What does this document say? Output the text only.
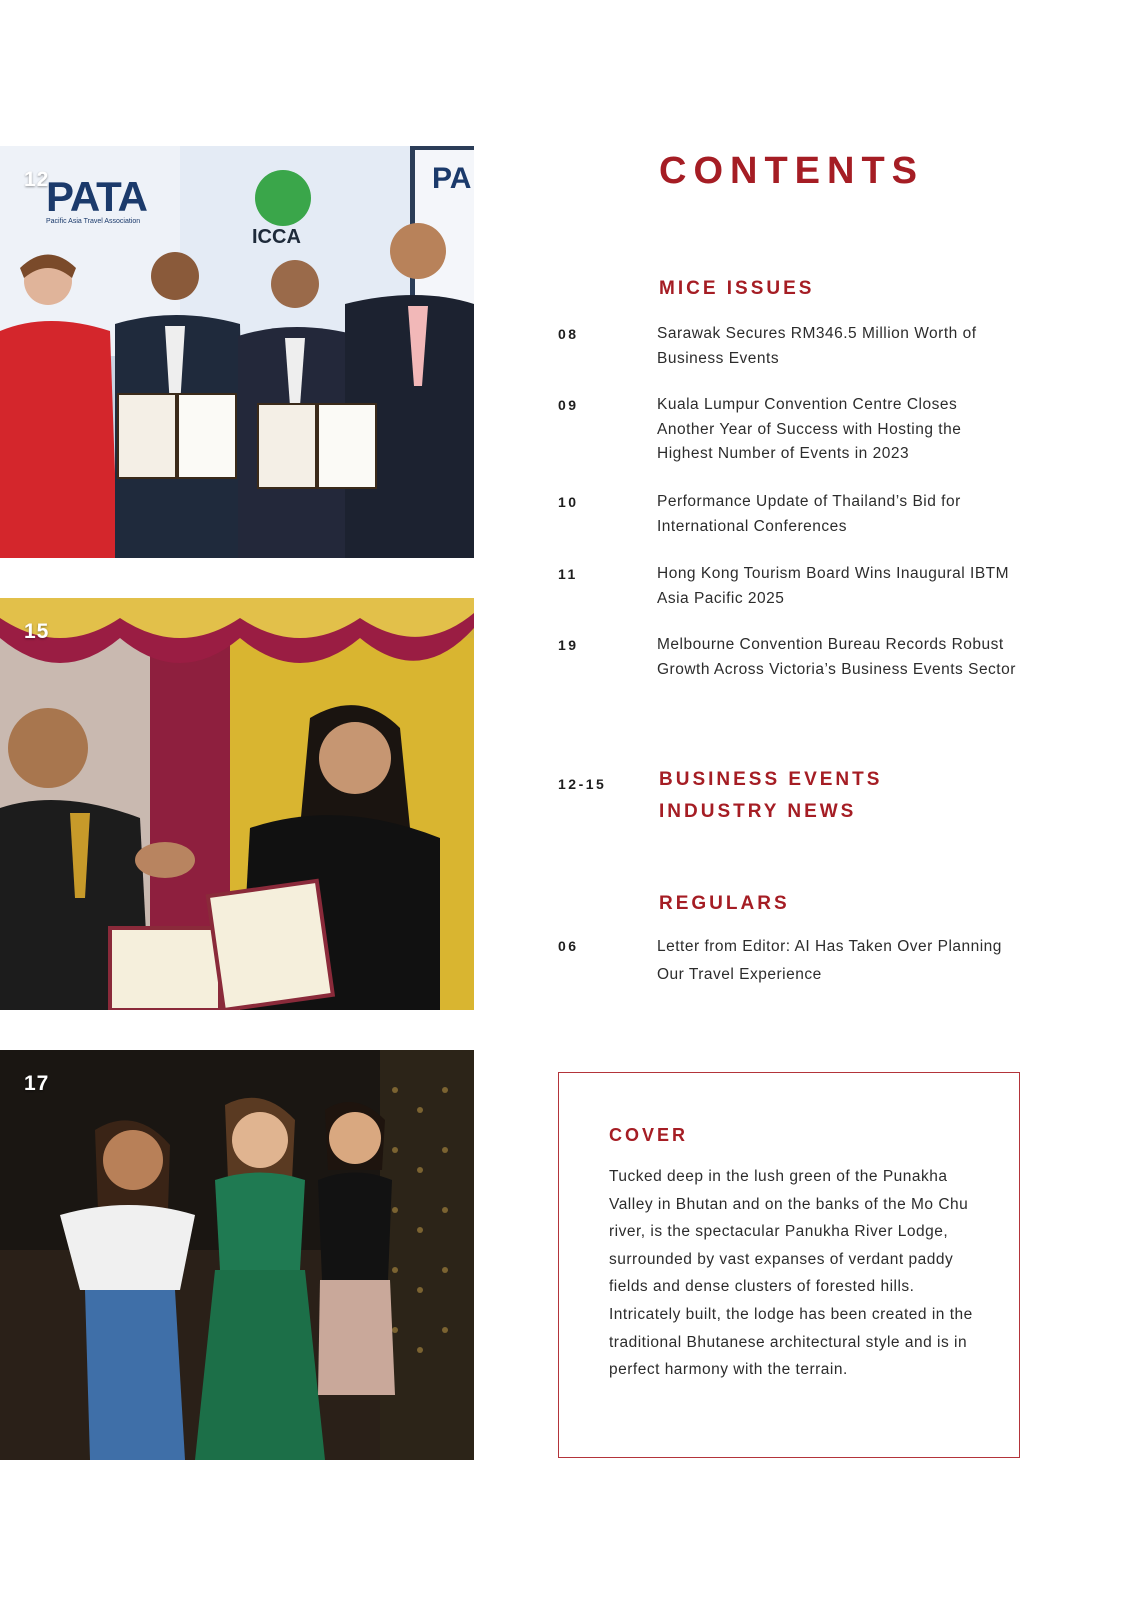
PATA
Pacific Asia Travel Association
ICCA
PA
12
15
17
CONTENTS
MICE ISSUES
08	Sarawak Secures RM346.5 Million Worth of Business Events
09	Kuala Lumpur Convention Centre Closes Another Year of Success with Hosting the Highest Number of Events in 2023
10	Performance Update of Thailand’s Bid for International Conferences
11	Hong Kong Tourism Board Wins Inaugural IBTM Asia Pacific 2025
19	Melbourne Convention Bureau Records Robust Growth Across Victoria’s Business Events Sector
12-15	BUSINESS EVENTS
INDUSTRY NEWS
REGULARS
06	Letter from Editor: AI Has Taken Over Planning Our Travel Experience
COVER
Tucked deep in the lush green of the Punakha Valley in Bhutan and on the banks of the Mo Chu river, is the spectacular Panukha River Lodge, surrounded by vast expanses of verdant paddy fields and dense clusters of forested hills. Intricately built, the lodge has been created in the traditional Bhutanese architectural style and is in perfect harmony with the terrain.
